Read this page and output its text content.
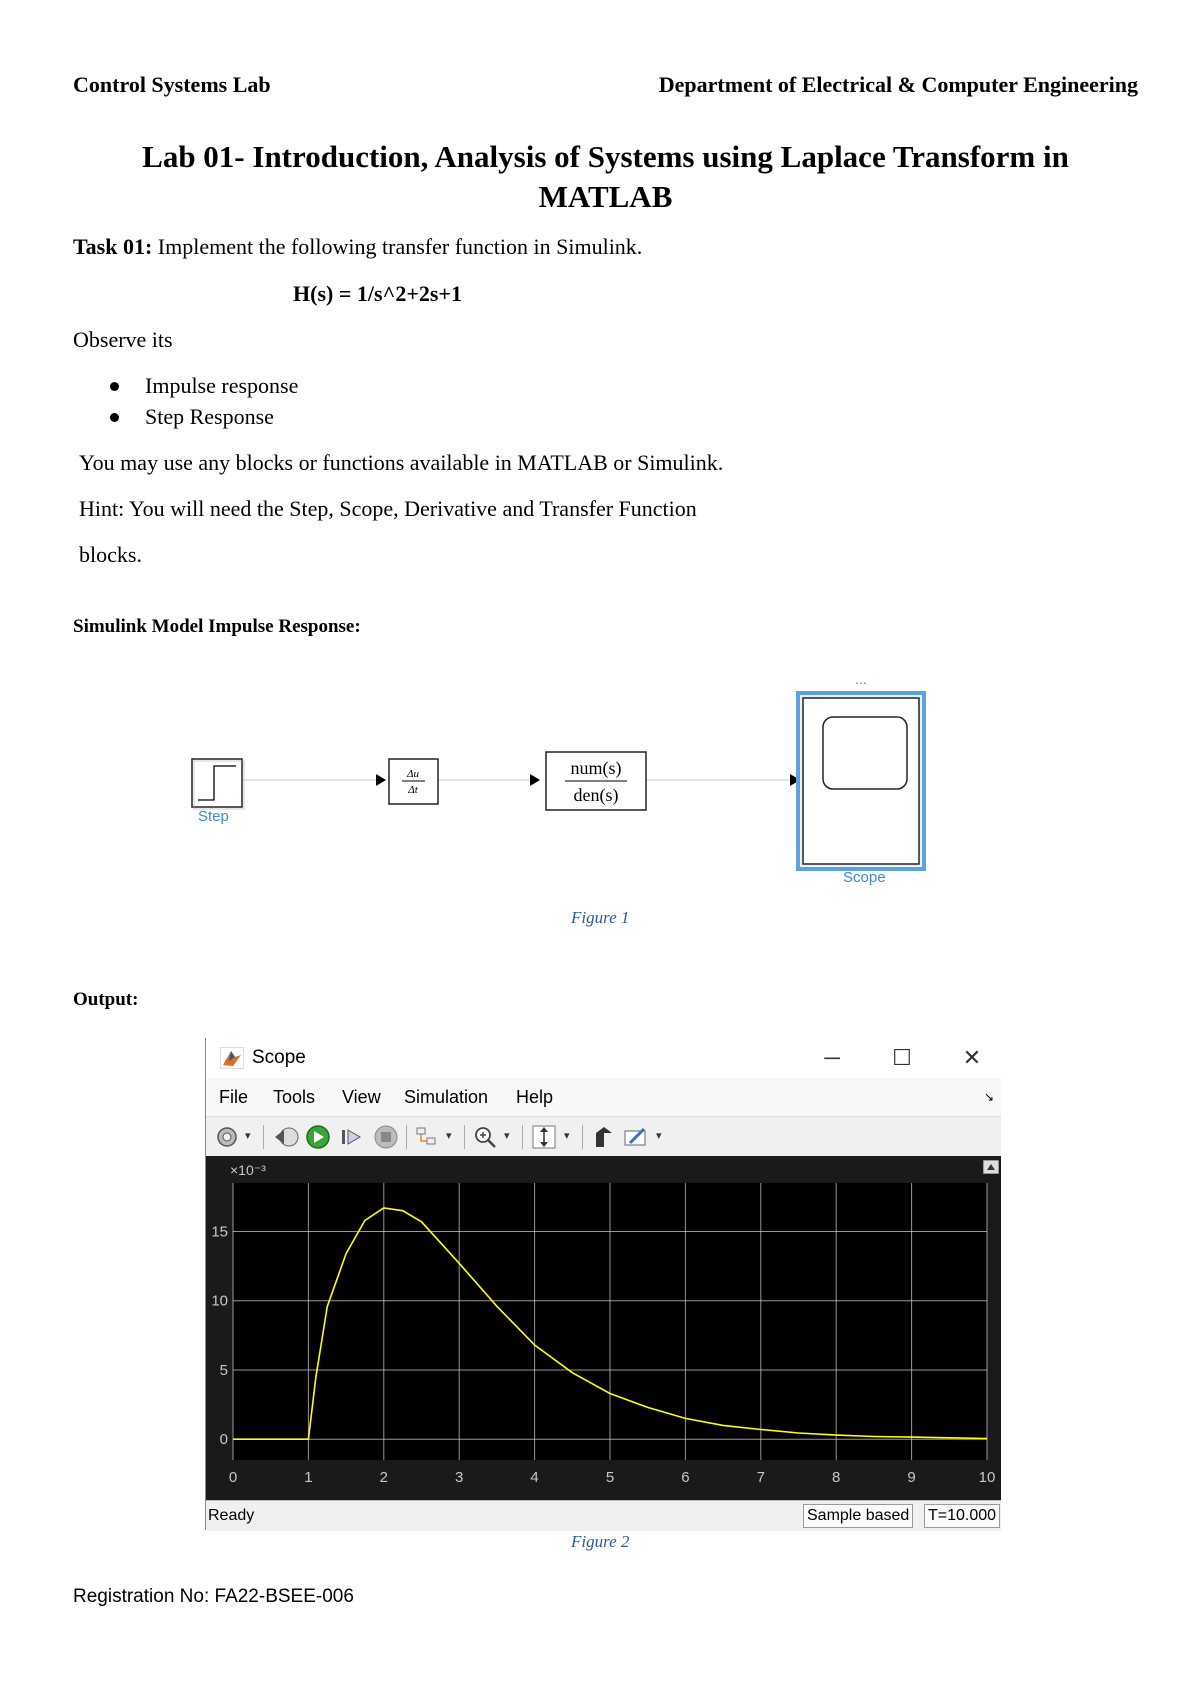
Control Systems Lab	Department of Electrical & Computer Engineering
Lab 01- Introduction, Analysis of Systems using Laplace Transform in MATLAB
Task 01: Implement the following transfer function in Simulink.
H(s) = 1/s^2+2s+1
Observe its
Impulse response
Step Response
You may use any blocks or functions available in MATLAB or Simulink.
Hint: You will need the Step, Scope, Derivative and Transfer Function
blocks.
Simulink Model Impulse Response:
Δu
Δt
num(s)
den(s)
...
Step
Scope
Figure 1
Output:
Scope	─	☐	✕
File Tools View Simulation Help	↘
▾	▾	▾	▾	▾
0	1	2	3	4	5	6	7	8	9	10
0
5
10
15
×10⁻³
Ready	Sample based T=10.000
Figure 2
Registration No: FA22-BSEE-006
